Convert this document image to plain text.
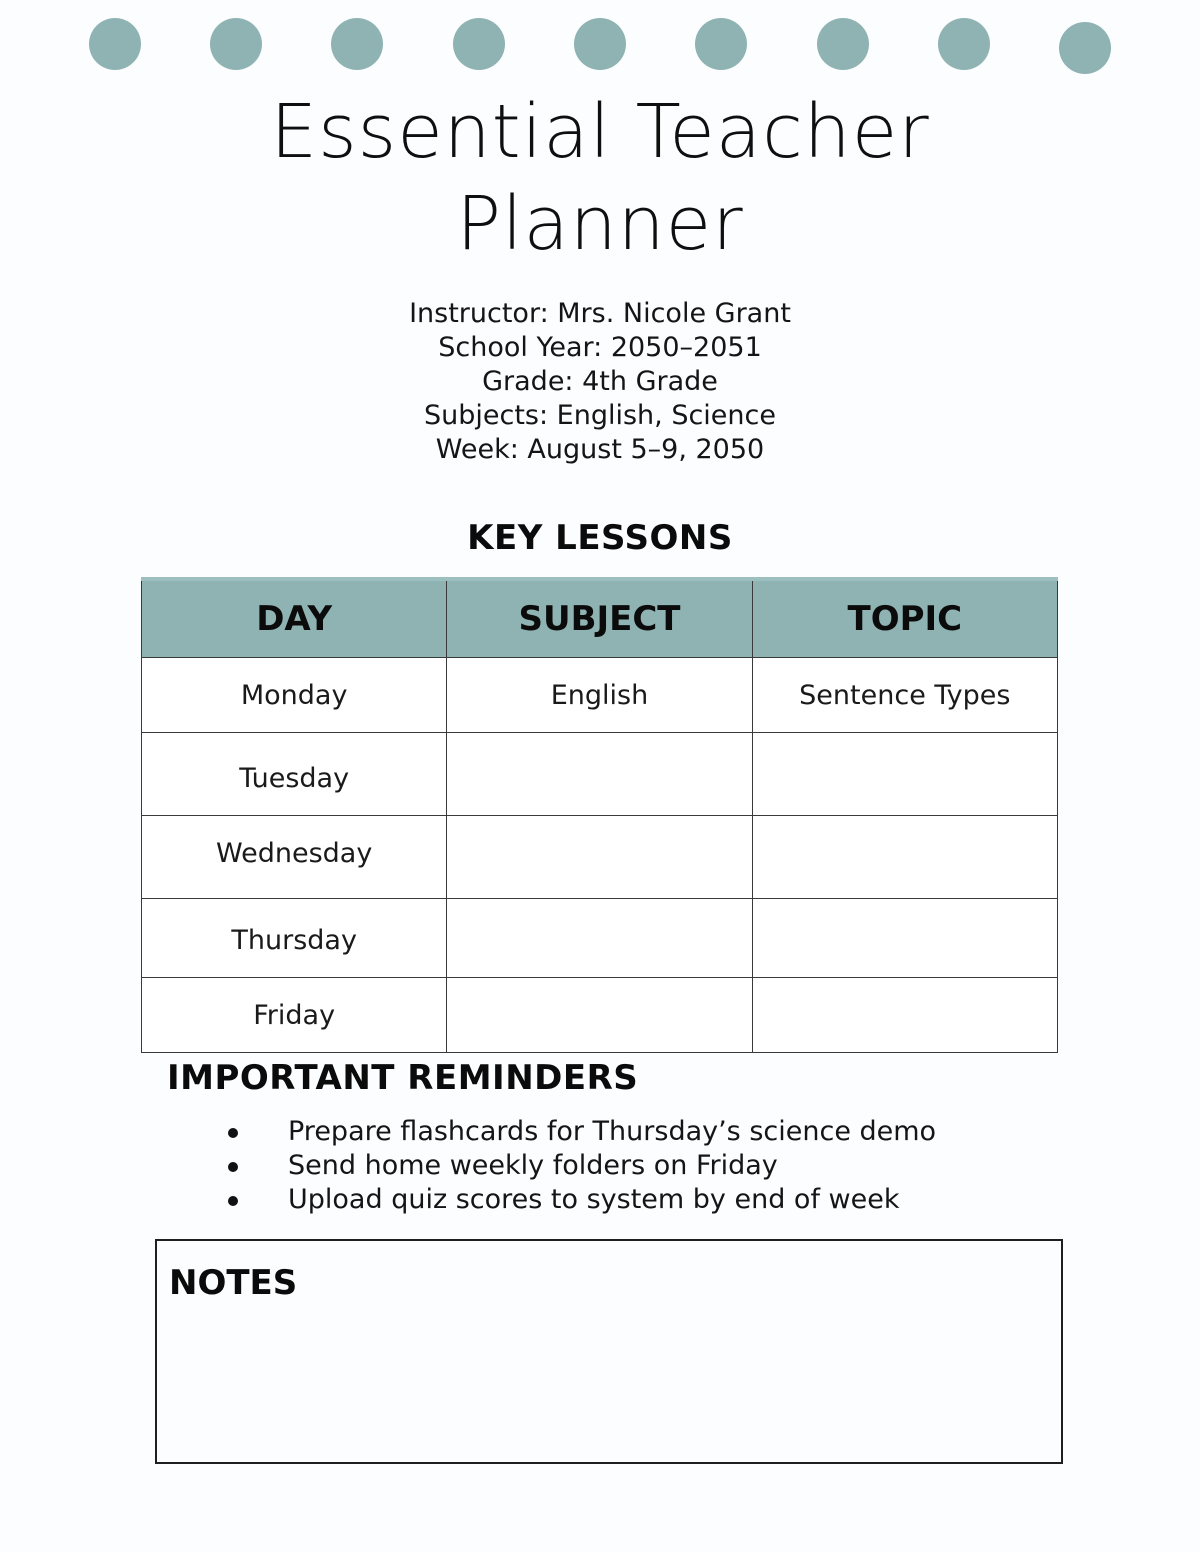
Essential Teacher
Planner
Instructor: Mrs. Nicole Grant
School Year: 2050–2051
Grade: 4th Grade
Subjects: English, Science
Week: August 5–9, 2050
KEY LESSONS
DAY	SUBJECT	TOPIC
Monday	English	Sentence Types
Tuesday		
Wednesday		
Thursday		
Friday		
IMPORTANT REMINDERS
Prepare flashcards for Thursday’s science demo
Send home weekly folders on Friday
Upload quiz scores to system by end of week
NOTES
